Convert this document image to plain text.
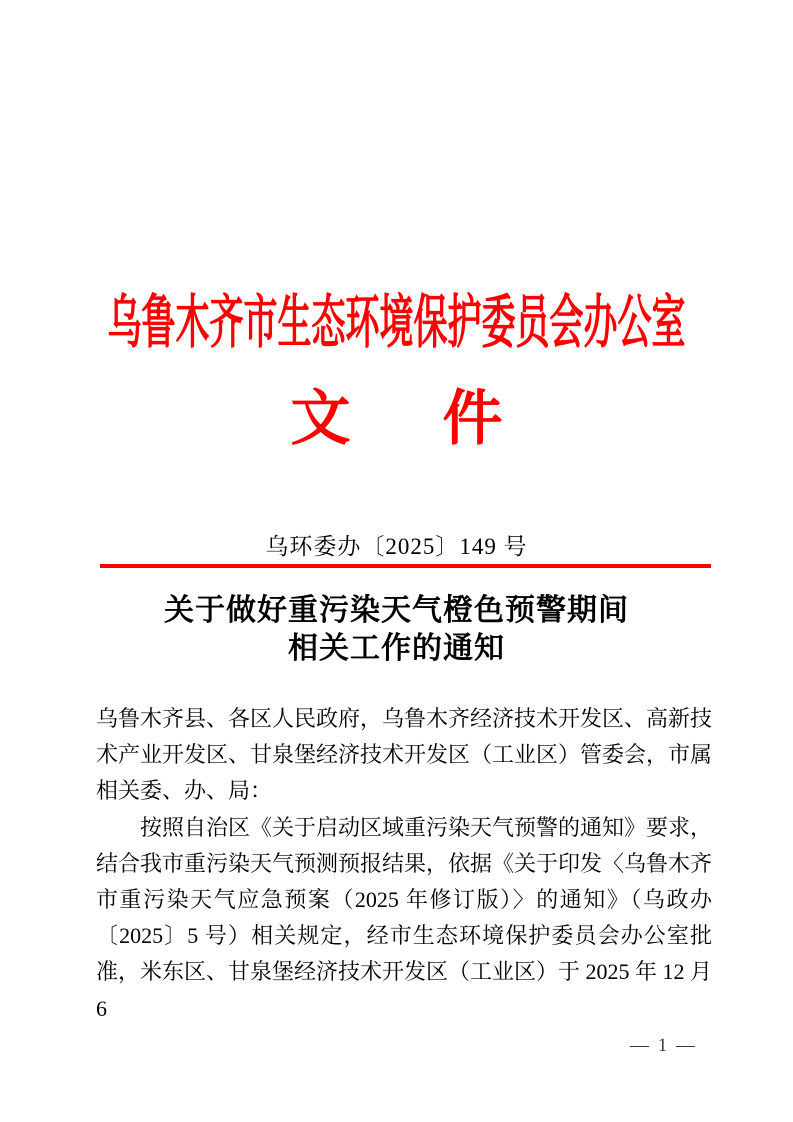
乌鲁木齐市生态环境保护委员会办公室
文 件
乌环委办〔2025〕149 号
关于做好重污染天气橙色预警期间
相关工作的通知

乌鲁木齐县、各区人民政府，乌鲁木齐经济技术开发区、高新技术产业开发区、甘泉堡经济技术开发区（工业区）管委会，市属相关委、办、局：

按照自治区《关于启动区域重污染天气预警的通知》要求，结合我市重污染天气预测预报结果，依据《关于印发〈乌鲁木齐市重污染天气应急预案（2025 年修订版）〉的通知》（乌政办〔2025〕5 号）相关规定，经市生态环境保护委员会办公室批准，米东区、甘泉堡经济技术开发区（工业区）于 2025 年 12 月 6

— 1 —
